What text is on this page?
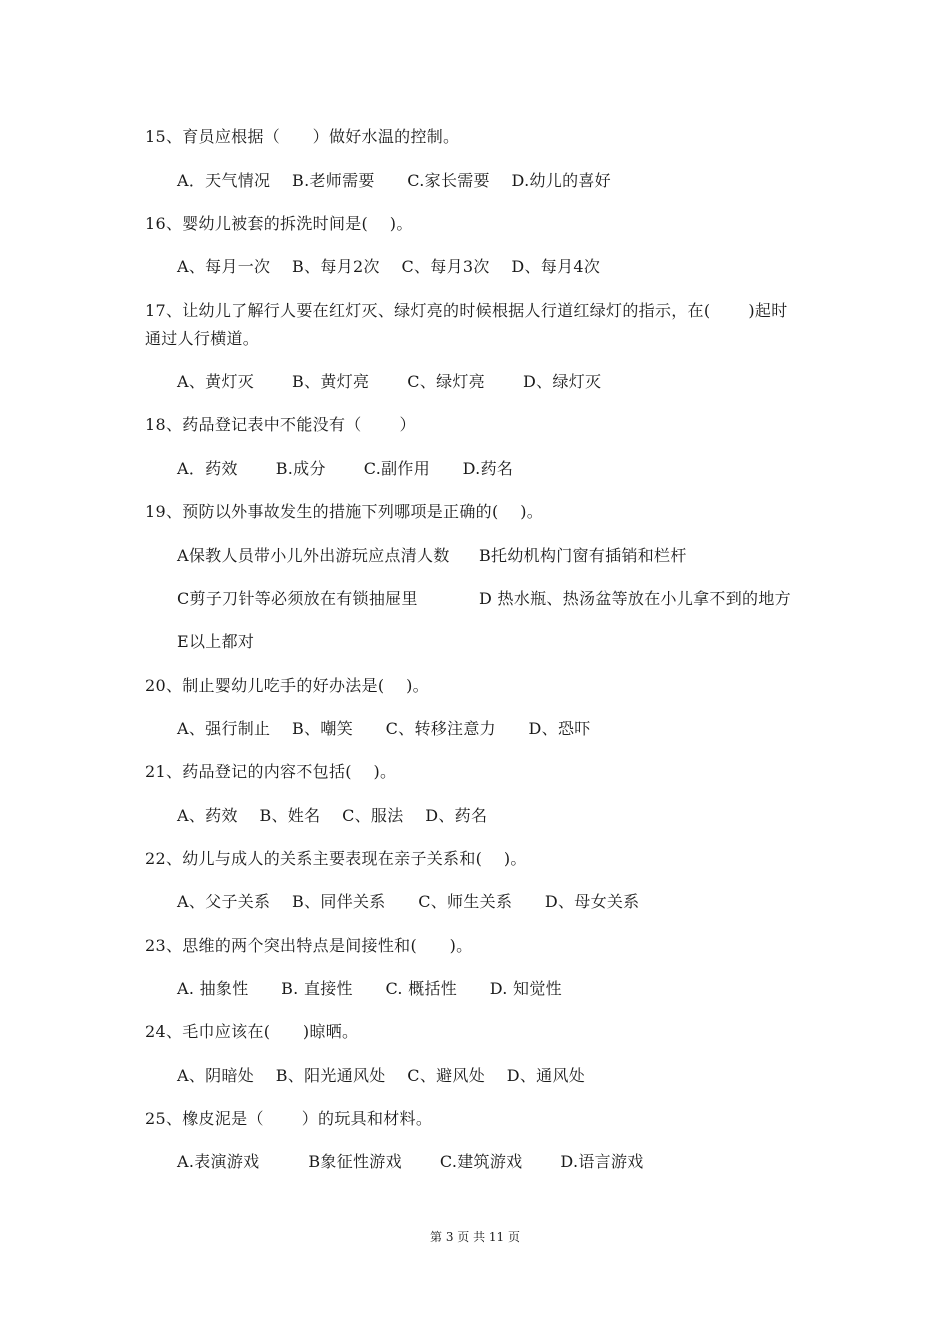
15、育员应根据（　　）做好水温的控制。
A．天气情况　 B.老师需要　　C.家长需要　 D.幼儿的喜好
16、婴幼儿被套的拆洗时间是(　 )。
A、每月一次　 B、每月2次　 C、每月3次　 D、每月4次
17、让幼儿了解行人要在红灯灭、绿灯亮的时候根据人行道红绿灯的指示，在(　　 )起时
通过人行横道。
A、黄灯灭　　 B、黄灯亮　　 C、绿灯亮　　 D、绿灯灭
18、药品登记表中不能没有（　　 ）
A．药效　　 B.成分　　 C.副作用　　D.药名
19、预防以外事故发生的措施下列哪项是正确的(　 )。
A保教人员带小儿外出游玩应点清人数 B托幼机构门窗有插销和栏杆
C剪子刀针等必须放在有锁抽屉里	D 热水瓶、热汤盆等放在小儿拿不到的地方
E以上都对
20、制止婴幼儿吃手的好办法是(　 )。
A、强行制止　 B、嘲笑　　C、转移注意力　　D、恐吓
21、药品登记的内容不包括(　 )。
A、药效　 B、姓名　 C、服法　 D、药名
22、幼儿与成人的关系主要表现在亲子关系和(　 )。
A、父子关系　 B、同伴关系　　C、师生关系　　D、母女关系
23、思维的两个突出特点是间接性和(　　)。
A. 抽象性　　B. 直接性　　C. 概括性　　D. 知觉性
24、毛巾应该在(　　)晾晒。
A、阴暗处　 B、阳光通风处　 C、避风处　 D、通风处
25、橡皮泥是（　　 ）的玩具和材料。
A.表演游戏　　　B象征性游戏　　 C.建筑游戏　　 D.语言游戏
第 3 页 共 11 页
